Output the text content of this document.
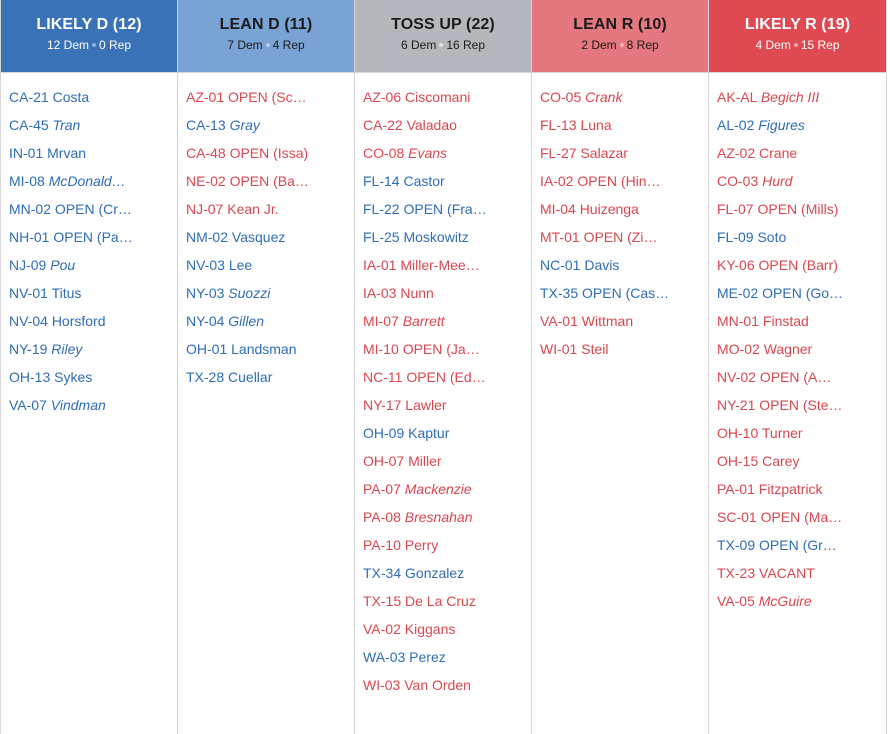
LIKELY D (12)
12 Dem 0 Rep
CA-21 Costa
CA-45 Tran
IN-01 Mrvan
MI-08 McDonald…
MN-02 OPEN (Cr…
NH-01 OPEN (Pa…
NJ-09 Pou
NV-01 Titus
NV-04 Horsford
NY-19 Riley
OH-13 Sykes
VA-07 Vindman
LEAN D (11)
7 Dem 4 Rep
AZ-01 OPEN (Sc…
CA-13 Gray
CA-48 OPEN (Issa)
NE-02 OPEN (Ba…
NJ-07 Kean Jr.
NM-02 Vasquez
NV-03 Lee
NY-03 Suozzi
NY-04 Gillen
OH-01 Landsman
TX-28 Cuellar
TOSS UP (22)
6 Dem 16 Rep
AZ-06 Ciscomani
CA-22 Valadao
CO-08 Evans
FL-14 Castor
FL-22 OPEN (Fra…
FL-25 Moskowitz
IA-01 Miller-Mee…
IA-03 Nunn
MI-07 Barrett
MI-10 OPEN (Ja…
NC-11 OPEN (Ed…
NY-17 Lawler
OH-09 Kaptur
OH-07 Miller
PA-07 Mackenzie
PA-08 Bresnahan
PA-10 Perry
TX-34 Gonzalez
TX-15 De La Cruz
VA-02 Kiggans
WA-03 Perez
WI-03 Van Orden
LEAN R (10)
2 Dem 8 Rep
CO-05 Crank
FL-13 Luna
FL-27 Salazar
IA-02 OPEN (Hin…
MI-04 Huizenga
MT-01 OPEN (Zi…
NC-01 Davis
TX-35 OPEN (Cas…
VA-01 Wittman
WI-01 Steil
LIKELY R (19)
4 Dem 15 Rep
AK-AL Begich III
AL-02 Figures
AZ-02 Crane
CO-03 Hurd
FL-07 OPEN (Mills)
FL-09 Soto
KY-06 OPEN (Barr)
ME-02 OPEN (Go…
MN-01 Finstad
MO-02 Wagner
NV-02 OPEN (A…
NY-21 OPEN (Ste…
OH-10 Turner
OH-15 Carey
PA-01 Fitzpatrick
SC-01 OPEN (Ma…
TX-09 OPEN (Gr…
TX-23 VACANT
VA-05 McGuire
